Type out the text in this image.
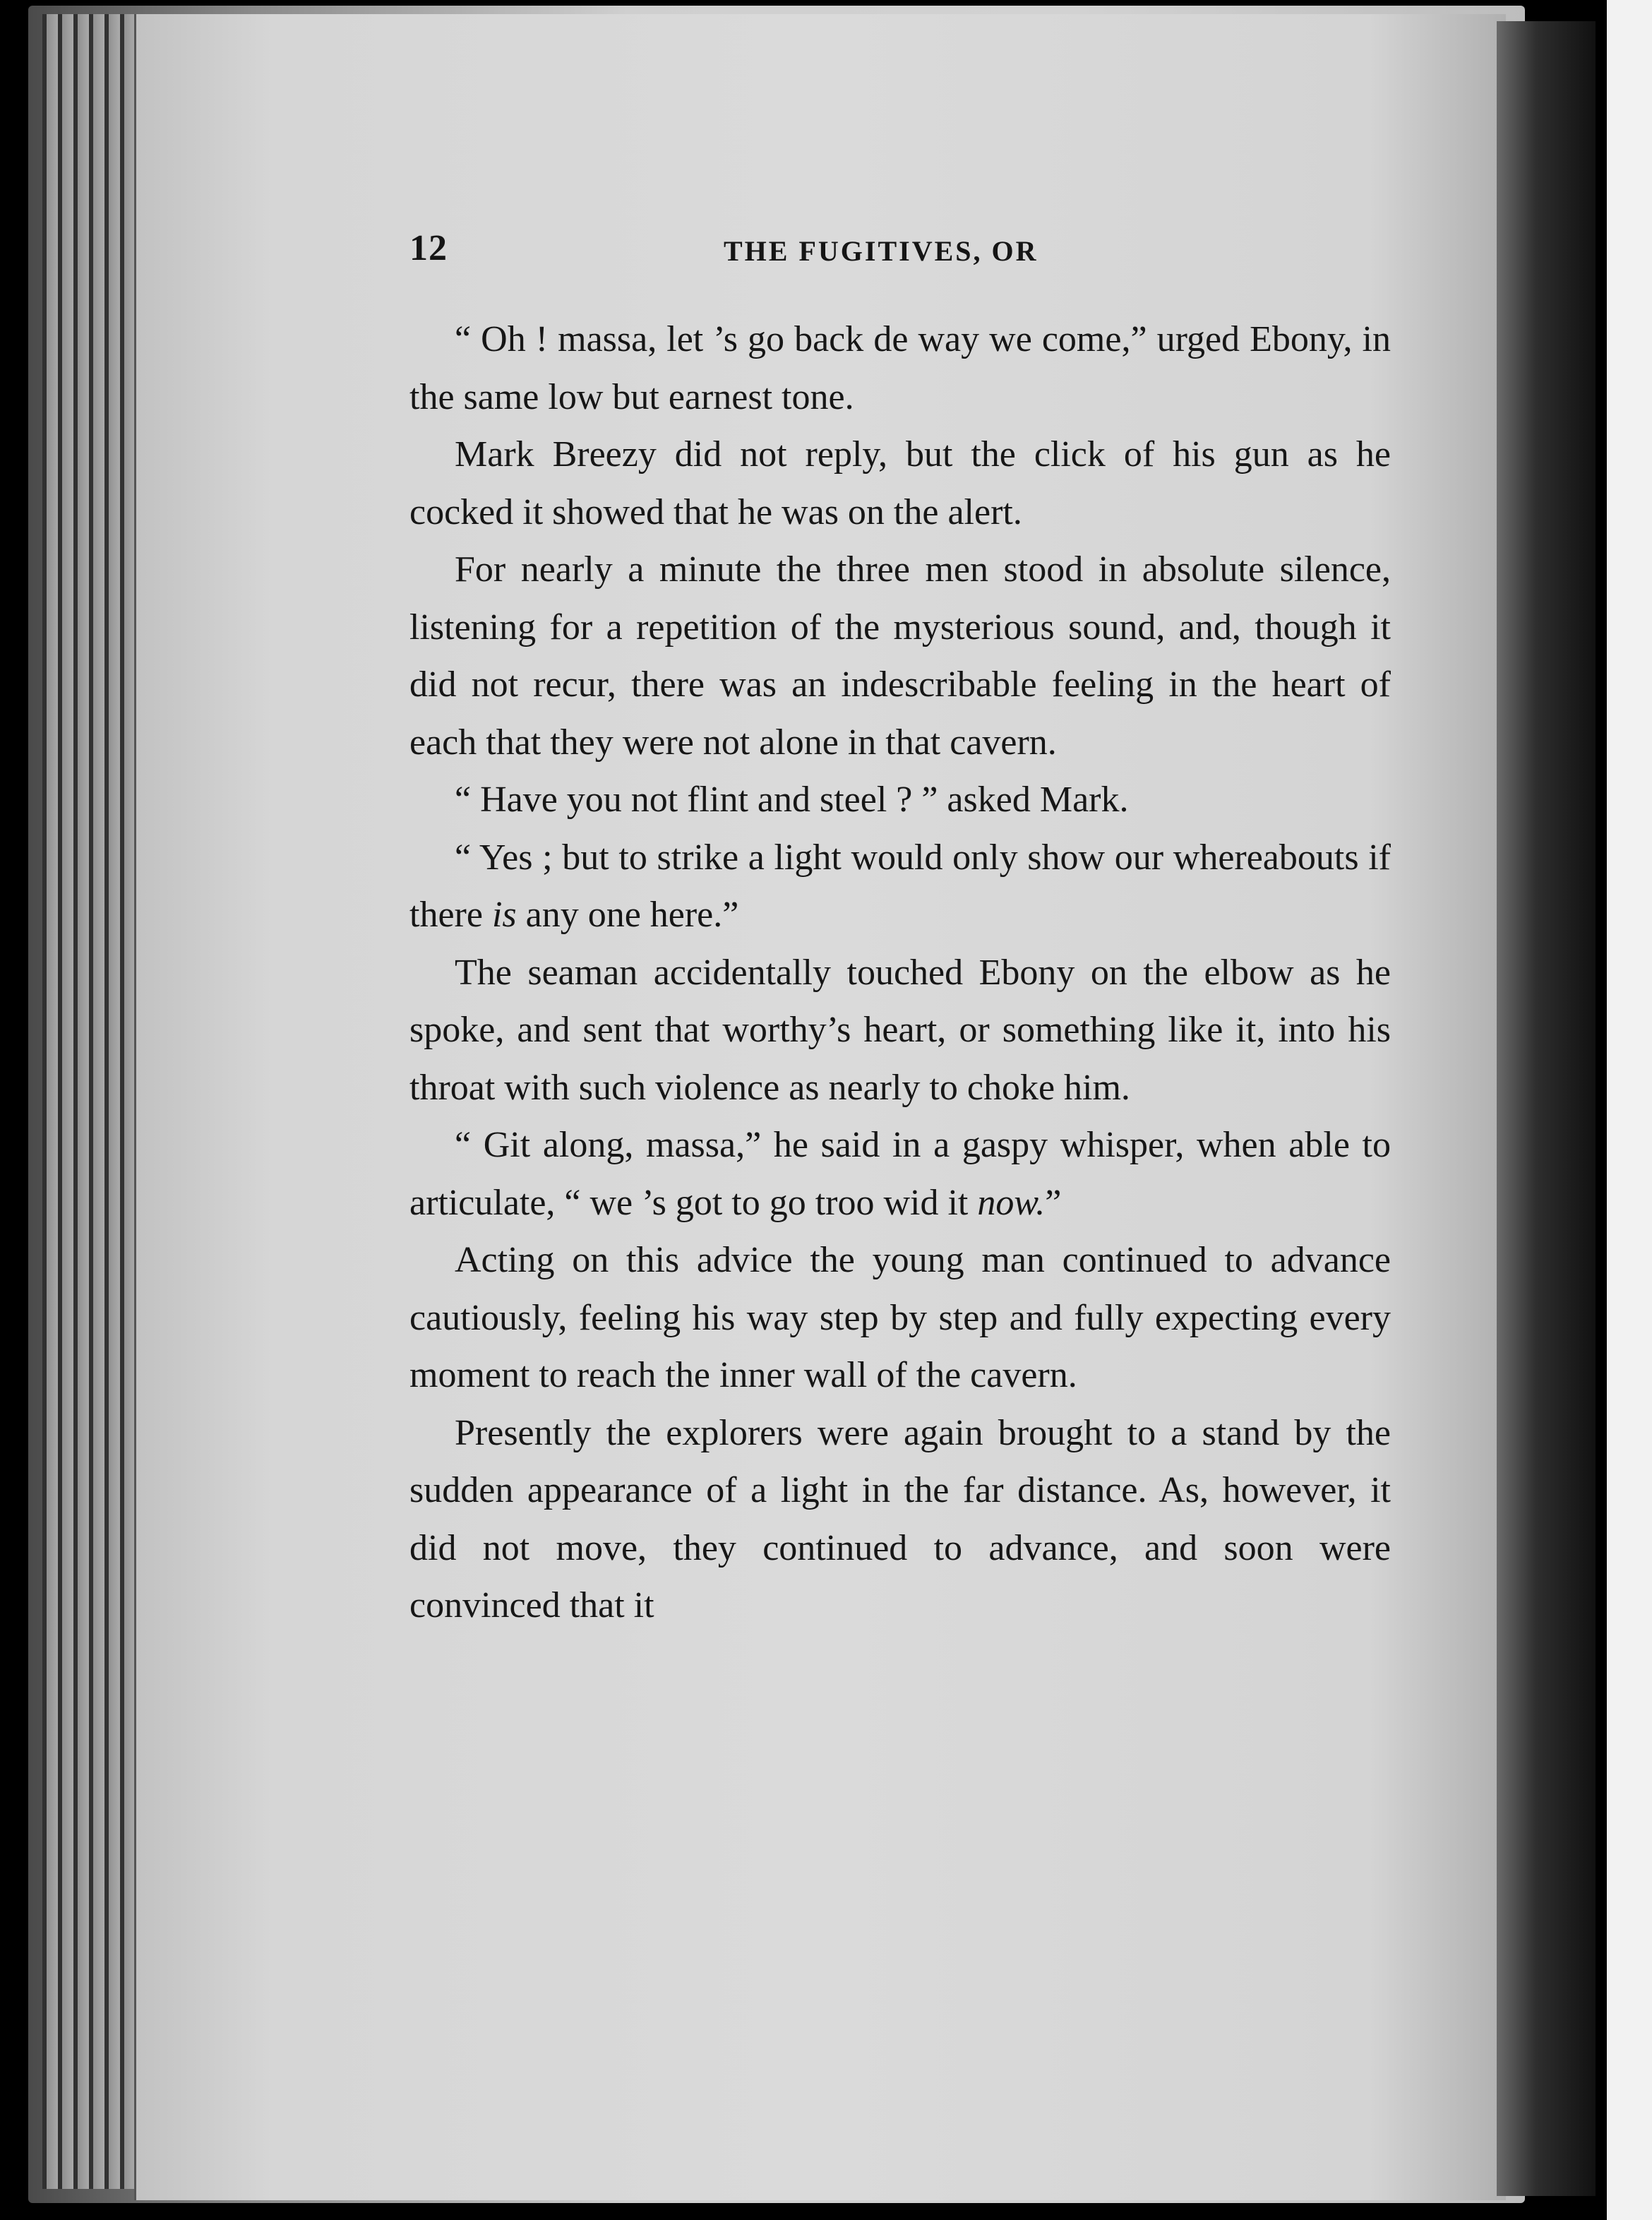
12	THE FUGITIVES, OR

“ Oh ! massa, let ’s go back de way we come,” urged Ebony, in the same low but earnest tone.

Mark Breezy did not reply, but the click of his gun as he cocked it showed that he was on the alert.

For nearly a minute the three men stood in absolute silence, listening for a repetition of the mysterious sound, and, though it did not recur, there was an indescribable feeling in the heart of each that they were not alone in that cavern.

“ Have you not flint and steel ? ” asked Mark.

“ Yes ; but to strike a light would only show our whereabouts if there is any one here.”

The seaman accidentally touched Ebony on the elbow as he spoke, and sent that worthy’s heart, or something like it, into his throat with such violence as nearly to choke him.

“ Git along, massa,” he said in a gaspy whisper, when able to articulate, “ we ’s got to go troo wid it now.”

Acting on this advice the young man continued to advance cautiously, feeling his way step by step and fully expecting every moment to reach the inner wall of the cavern.

Presently the explorers were again brought to a stand by the sudden appearance of a light in the far distance. As, however, it did not move, they continued to advance, and soon were convinced that it
